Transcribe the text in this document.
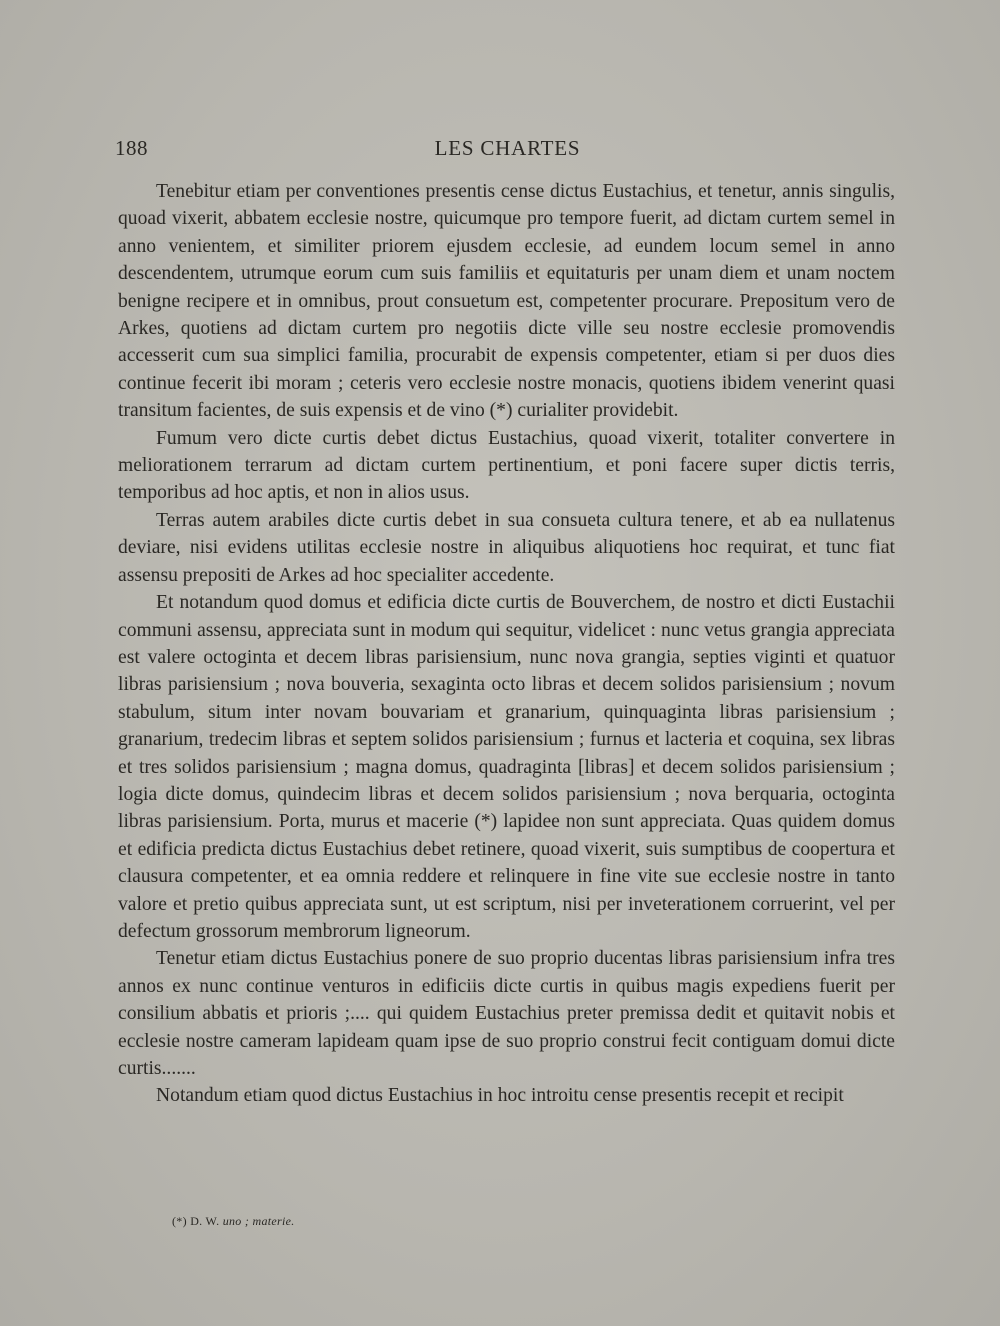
188	LES CHARTES

Tenebitur etiam per conventiones presentis cense dictus Eustachius, et tenetur, annis singulis, quoad vixerit, abbatem ecclesie nostre, quicumque pro tempore fuerit, ad dictam curtem semel in anno venientem, et similiter priorem ejusdem ecclesie, ad eundem locum semel in anno descendentem, utrumque eorum cum suis familiis et equitaturis per unam diem et unam noctem benigne recipere et in omnibus, prout consuetum est, competenter procurare. Prepositum vero de Arkes, quotiens ad dictam curtem pro negotiis dicte ville seu nostre ecclesie promovendis accesserit cum sua simplici familia, procurabit de expensis competenter, etiam si per duos dies continue fecerit ibi moram ; ceteris vero ecclesie nostre monacis, quotiens ibidem venerint quasi transitum facientes, de suis expensis et de vino (*) curialiter providebit.

Fumum vero dicte curtis debet dictus Eustachius, quoad vixerit, totaliter convertere in meliorationem terrarum ad dictam curtem pertinentium, et poni facere super dictis terris, temporibus ad hoc aptis, et non in alios usus.

Terras autem arabiles dicte curtis debet in sua consueta cultura tenere, et ab ea nullatenus deviare, nisi evidens utilitas ecclesie nostre in aliquibus aliquotiens hoc requirat, et tunc fiat assensu prepositi de Arkes ad hoc specialiter accedente.

Et notandum quod domus et edificia dicte curtis de Bouverchem, de nostro et dicti Eustachii communi assensu, appreciata sunt in modum qui sequitur, videlicet : nunc vetus grangia appreciata est valere octoginta et decem libras parisiensium, nunc nova grangia, septies viginti et quatuor libras parisiensium ; nova bouveria, sexaginta octo libras et decem solidos parisiensium ; novum stabulum, situm inter novam bouvariam et granarium, quinquaginta libras parisiensium ; granarium, tredecim libras et septem solidos parisiensium ; furnus et lacteria et coquina, sex libras et tres solidos parisiensium ; magna domus, quadraginta [libras] et decem solidos parisiensium ; logia dicte domus, quindecim libras et decem solidos parisiensium ; nova berquaria, octoginta libras parisiensium. Porta, murus et macerie (*) lapidee non sunt appreciata. Quas quidem domus et edificia predicta dictus Eustachius debet retinere, quoad vixerit, suis sumptibus de coopertura et clausura competenter, et ea omnia reddere et relinquere in fine vite sue ecclesie nostre in tanto valore et pretio quibus appreciata sunt, ut est scriptum, nisi per inveterationem corruerint, vel per defectum grossorum membrorum ligneorum.

Tenetur etiam dictus Eustachius ponere de suo proprio ducentas libras parisiensium infra tres annos ex nunc continue venturos in edificiis dicte curtis in quibus magis expediens fuerit per consilium abbatis et prioris ;.... qui quidem Eustachius preter premissa dedit et quitavit nobis et ecclesie nostre cameram lapideam quam ipse de suo proprio construi fecit contiguam domui dicte curtis.......

Notandum etiam quod dictus Eustachius in hoc introitu cense presentis recepit et recipit

(*) D. W. uno ; materie.
